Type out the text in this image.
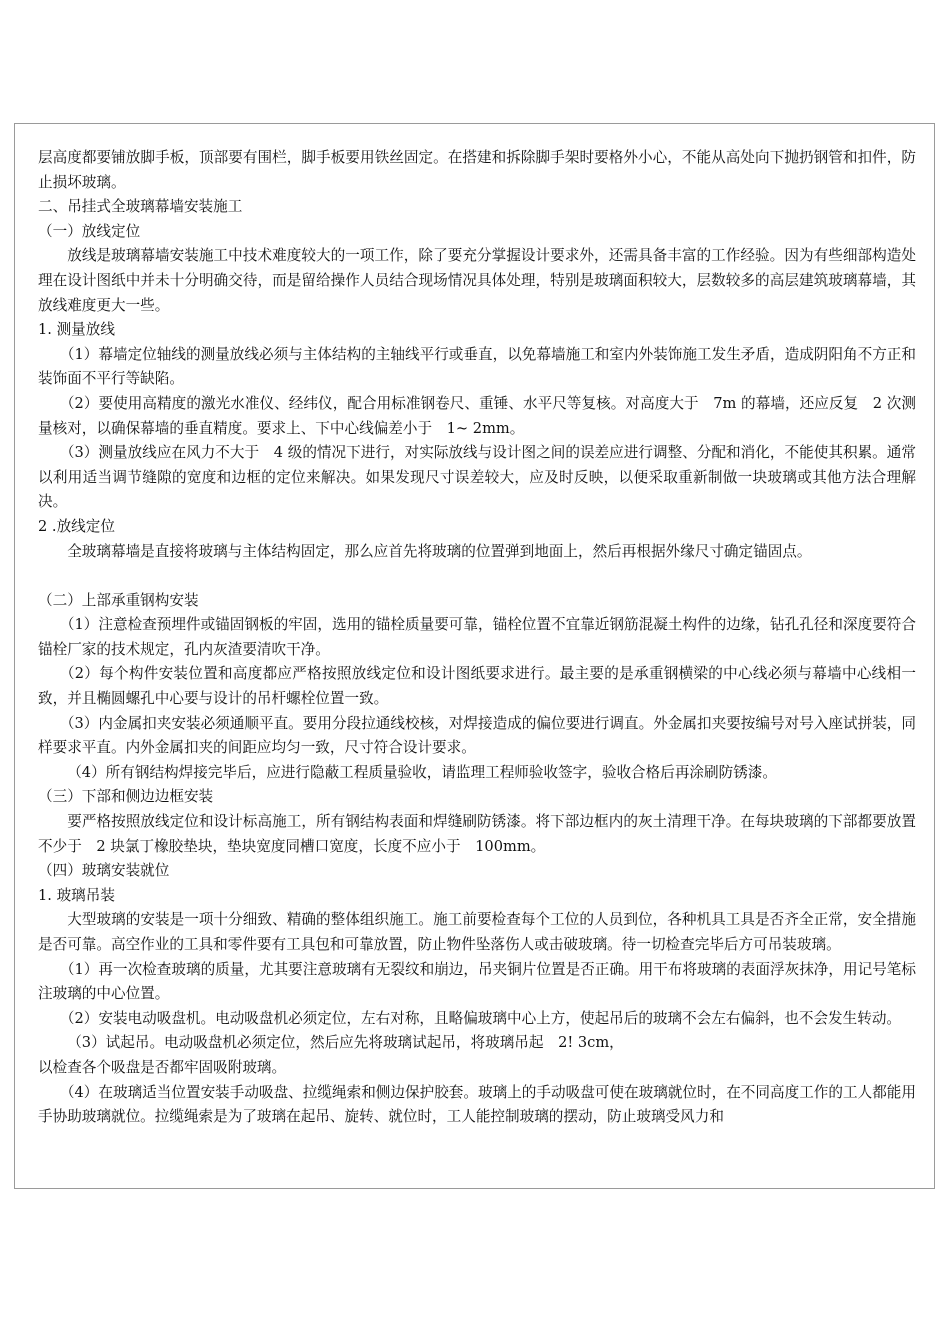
层高度都要铺放脚手板，顶部要有围栏，脚手板要用铁丝固定。在搭建和拆除脚手架时要格外小心，不能从高处向下抛扔钢管和扣件，防止损坏玻璃。

二、吊挂式全玻璃幕墙安装施工

（一）放线定位

放线是玻璃幕墙安装施工中技术难度较大的一项工作，除了要充分掌握设计要求外，还需具备丰富的工作经验。因为有些细部构造处理在设计图纸中并未十分明确交待，而是留给操作人员结合现场情况具体处理，特别是玻璃面积较大，层数较多的高层建筑玻璃幕墙，其放线难度更大一些。

1. 测量放线

（1）幕墙定位轴线的测量放线必须与主体结构的主轴线平行或垂直，以免幕墙施工和室内外装饰施工发生矛盾，造成阴阳角不方正和装饰面不平行等缺陷。

（2）要使用高精度的激光水准仪、经纬仪，配合用标准钢卷尺、重锤、水平尺等复核。对高度大于　7m 的幕墙，还应反复　2 次测量核对，以确保幕墙的垂直精度。要求上、下中心线偏差小于　1~ 2mm。

（3）测量放线应在风力不大于　4 级的情况下进行，对实际放线与设计图之间的误差应进行调整、分配和消化，不能使其积累。通常以利用适当调节缝隙的宽度和边框的定位来解决。如果发现尺寸误差较大，应及时反映，以便采取重新制做一块玻璃或其他方法合理解决。

2 .放线定位

全玻璃幕墙是直接将玻璃与主体结构固定，那么应首先将玻璃的位置弹到地面上，然后再根据外缘尺寸确定锚固点。

（二）上部承重钢构安装

（1）注意检查预埋件或锚固钢板的牢固，选用的锚栓质量要可靠，锚栓位置不宜靠近钢筋混凝土构件的边缘，钻孔孔径和深度要符合锚栓厂家的技术规定，孔内灰渣要清吹干净。

（2）每个构件安装位置和高度都应严格按照放线定位和设计图纸要求进行。最主要的是承重钢横梁的中心线必须与幕墙中心线相一致，并且椭圆螺孔中心要与设计的吊杆螺栓位置一致。

（3）内金属扣夹安装必须通顺平直。要用分段拉通线校核，对焊接造成的偏位要进行调直。外金属扣夹要按编号对号入座试拼装，同样要求平直。内外金属扣夹的间距应均匀一致，尺寸符合设计要求。

（4）所有钢结构焊接完毕后，应进行隐蔽工程质量验收，请监理工程师验收签字，验收合格后再涂刷防锈漆。

（三）下部和侧边边框安装

要严格按照放线定位和设计标高施工，所有钢结构表面和焊缝刷防锈漆。将下部边框内的灰土清理干净。在每块玻璃的下部都要放置不少于　2 块氯丁橡胶垫块，垫块宽度同槽口宽度，长度不应小于　100mm。

（四）玻璃安装就位

1. 玻璃吊装

大型玻璃的安装是一项十分细致、精确的整体组织施工。施工前要检查每个工位的人员到位，各种机具工具是否齐全正常，安全措施是否可靠。高空作业的工具和零件要有工具包和可靠放置，防止物件坠落伤人或击破玻璃。待一切检查完毕后方可吊装玻璃。

（1）再一次检查玻璃的质量，尤其要注意玻璃有无裂纹和崩边，吊夹铜片位置是否正确。用干布将玻璃的表面浮灰抹净，用记号笔标注玻璃的中心位置。

（2）安装电动吸盘机。电动吸盘机必须定位，左右对称，且略偏玻璃中心上方，使起吊后的玻璃不会左右偏斜，也不会发生转动。

（3）试起吊。电动吸盘机必须定位，然后应先将玻璃试起吊，将玻璃吊起　2! 3cm，

以检查各个吸盘是否都牢固吸附玻璃。

（4）在玻璃适当位置安装手动吸盘、拉缆绳索和侧边保护胶套。玻璃上的手动吸盘可使在玻璃就位时，在不同高度工作的工人都能用手协助玻璃就位。拉缆绳索是为了玻璃在起吊、旋转、就位时，工人能控制玻璃的摆动，防止玻璃受风力和
